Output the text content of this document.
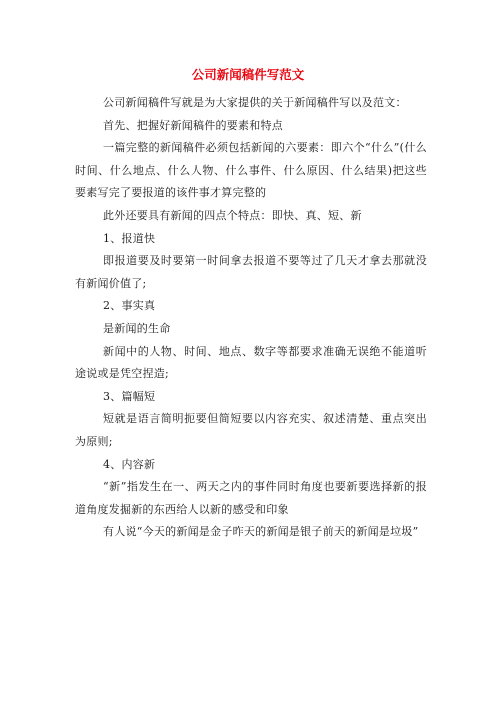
公司新闻稿件写范文

公司新闻稿件写就是为大家提供的关于新闻稿件写以及范文：

首先、把握好新闻稿件的要素和特点

一篇完整的新闻稿件必须包括新闻的六要素：即六个“什么”(什么时间、什么地点、什么人物、什么事件、什么原因、什么结果)把这些要素写完了要报道的该件事才算完整的

此外还要具有新闻的四点个特点：即快、真、短、新

1、报道快

即报道要及时要第一时间拿去报道不要等过了几天才拿去那就没有新闻价值了;

2、事实真

是新闻的生命

新闻中的人物、时间、地点、数字等都要求准确无误绝不能道听途说或是凭空捏造;

3、篇幅短

短就是语言简明扼要但简短要以内容充实、叙述清楚、重点突出为原则;

4、内容新

“新”指发生在一、两天之内的事件同时角度也要新要选择新的报道角度发掘新的东西给人以新的感受和印象

有人说“今天的新闻是金子昨天的新闻是银子前天的新闻是垃圾”
